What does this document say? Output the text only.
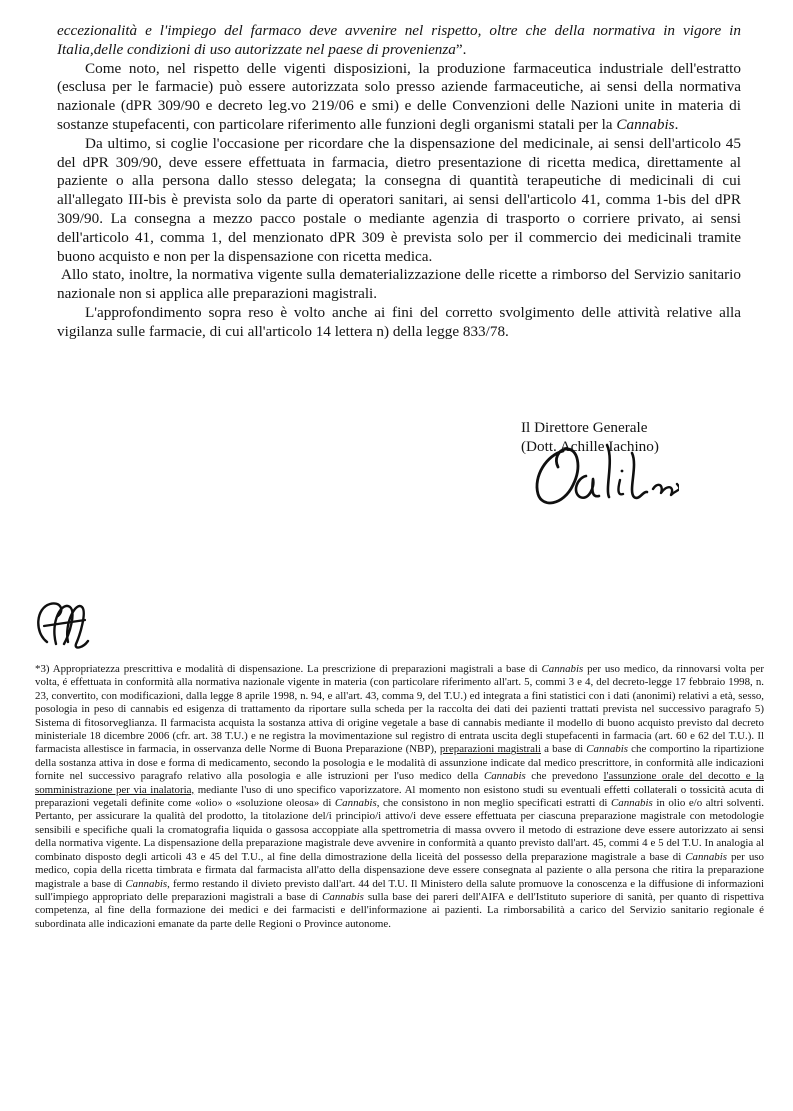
eccezionalità e l'impiego del farmaco deve avvenire nel rispetto, oltre che della normativa in vigore in Italia,delle condizioni di uso autorizzate nel paese di provenienza”.

Come noto, nel rispetto delle vigenti disposizioni, la produzione farmaceutica industriale dell'estratto (esclusa per le farmacie) può essere autorizzata solo presso aziende farmaceutiche, ai sensi della normativa nazionale (dPR 309/90 e decreto leg.vo 219/06 e smi) e delle Convenzioni delle Nazioni unite in materia di sostanze stupefacenti, con particolare riferimento alle funzioni degli organismi statali per la Cannabis.

Da ultimo, si coglie l'occasione per ricordare che la dispensazione del medicinale, ai sensi dell'articolo 45 del dPR 309/90, deve essere effettuata in farmacia, dietro presentazione di ricetta medica, direttamente al paziente o alla persona dallo stesso delegata; la consegna di quantità terapeutiche di medicinali di cui all'allegato III-bis è prevista solo da parte di operatori sanitari, ai sensi dell'articolo 41, comma 1-bis del dPR 309/90. La consegna a mezzo pacco postale o mediante agenzia di trasporto o corriere privato, ai sensi dell'articolo 41, comma 1, del menzionato dPR 309 è prevista solo per il commercio dei medicinali tramite buono acquisto e non per la dispensazione con ricetta medica.

Allo stato, inoltre, la normativa vigente sulla dematerializzazione delle ricette a rimborso del Servizio sanitario nazionale non si applica alle preparazioni magistrali.

L'approfondimento sopra reso è volto anche ai fini del corretto svolgimento delle attività relative alla vigilanza sulle farmacie, di cui all'articolo 14 lettera n) della legge 833/78.

Il Direttore Generale
(Dott. Achille Iachino)

*3) Appropriatezza prescrittiva e modalità di dispensazione. La prescrizione di preparazioni magistrali a base di Cannabis per uso medico, da rinnovarsi volta per volta, é effettuata in conformità alla normativa nazionale vigente in materia (con particolare riferimento all'art. 5, commi 3 e 4, del decreto-legge 17 febbraio 1998, n. 23, convertito, con modificazioni, dalla legge 8 aprile 1998, n. 94, e all'art. 43, comma 9, del T.U.) ed integrata a fini statistici con i dati (anonimi) relativi a età, sesso, posologia in peso di cannabis ed esigenza di trattamento da riportare sulla scheda per la raccolta dei dati dei pazienti trattati prevista nel successivo paragrafo 5) Sistema di fitosorveglianza. Il farmacista acquista la sostanza attiva di origine vegetale a base di cannabis mediante il modello di buono acquisto previsto dal decreto ministeriale 18 dicembre 2006 (cfr. art. 38 T.U.) e ne registra la movimentazione sul registro di entrata uscita degli stupefacenti in farmacia (art. 60 e 62 del T.U.). Il farmacista allestisce in farmacia, in osservanza delle Norme di Buona Preparazione (NBP), preparazioni magistrali a base di Cannabis che comportino la ripartizione della sostanza attiva in dose e forma di medicamento, secondo la posologia e le modalità di assunzione indicate dal medico prescrittore, in conformità alle indicazioni fornite nel successivo paragrafo relativo alla posologia e alle istruzioni per l'uso medico della Cannabis che prevedono l'assunzione orale del decotto e la somministrazione per via inalatoria, mediante l'uso di uno specifico vaporizzatore. Al momento non esistono studi su eventuali effetti collaterali o tossicità acuta di preparazioni vegetali definite come «olio» o «soluzione oleosa» di Cannabis, che consistono in non meglio specificati estratti di Cannabis in olio e/o altri solventi. Pertanto, per assicurare la qualità del prodotto, la titolazione del/i principio/i attivo/i deve essere effettuata per ciascuna preparazione magistrale con metodologie sensibili e specifiche quali la cromatografia liquida o gassosa accoppiate alla spettrometria di massa ovvero il metodo di estrazione deve essere autorizzato ai sensi della normativa vigente. La dispensazione della preparazione magistrale deve avvenire in conformità a quanto previsto dall'art. 45, commi 4 e 5 del T.U. In analogia al combinato disposto degli articoli 43 e 45 del T.U., al fine della dimostrazione della liceità del possesso della preparazione magistrale a base di Cannabis per uso medico, copia della ricetta timbrata e firmata dal farmacista all'atto della dispensazione deve essere consegnata al paziente o alla persona che ritira la preparazione magistrale a base di Cannabis, fermo restando il divieto previsto dall'art. 44 del T.U. Il Ministero della salute promuove la conoscenza e la diffusione di informazioni sull'impiego appropriato delle preparazioni magistrali a base di Cannabis sulla base dei pareri dell'AIFA e dell'Istituto superiore di sanità, per quanto di rispettiva competenza, al fine della formazione dei medici e dei farmacisti e dell'informazione ai pazienti. La rimborsabilità a carico del Servizio sanitario regionale é subordinata alle indicazioni emanate da parte delle Regioni o Province autonome.
